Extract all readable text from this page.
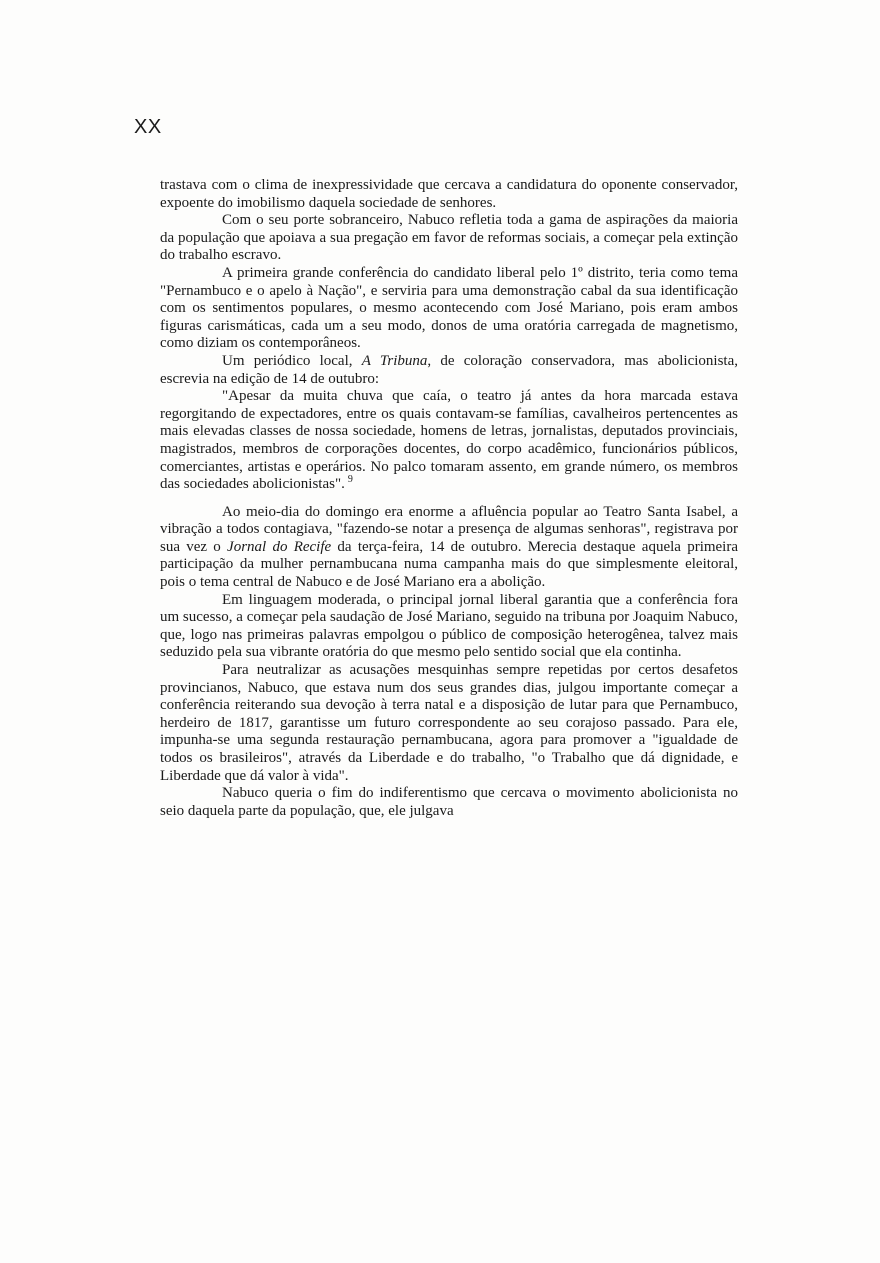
XX

trastava com o clima de inexpressividade que cercava a candidatura do oponente conservador, expoente do imobilismo daquela sociedade de senhores.

Com o seu porte sobranceiro, Nabuco refletia toda a gama de aspirações da maioria da população que apoiava a sua pregação em favor de reformas sociais, a começar pela extinção do trabalho escravo.

A primeira grande conferência do candidato liberal pelo 1º distrito, teria como tema "Pernambuco e o apelo à Nação", e serviria para uma demonstração cabal da sua identificação com os sentimentos populares, o mesmo acontecendo com José Mariano, pois eram ambos figuras carismáticas, cada um a seu modo, donos de uma oratória carregada de magnetismo, como diziam os contemporâneos.

Um periódico local, A Tribuna, de coloração conservadora, mas abolicionista, escrevia na edição de 14 de outubro:

"Apesar da muita chuva que caía, o teatro já antes da hora marcada estava regorgitando de expectadores, entre os quais contavam-se famílias, cavalheiros pertencentes as mais elevadas classes de nossa sociedade, homens de letras, jornalistas, deputados provinciais, magistrados, membros de corporações docentes, do corpo acadêmico, funcionários públicos, comerciantes, artistas e operários. No palco tomaram assento, em grande número, os membros das sociedades abolicionistas". $^9$

Ao meio-dia do domingo era enorme a afluência popular ao Teatro Santa Isabel, a vibração a todos contagiava, "fazendo-se notar a presença de algumas senhoras", registrava por sua vez o Jornal do Recife da terça-feira, 14 de outubro. Merecia destaque aquela primeira participação da mulher pernambucana numa campanha mais do que simplesmente eleitoral, pois o tema central de Nabuco e de José Mariano era a abolição.

Em linguagem moderada, o principal jornal liberal garantia que a conferência fora um sucesso, a começar pela saudação de José Mariano, seguido na tribuna por Joaquim Nabuco, que, logo nas primeiras palavras empolgou o público de composição heterogênea, talvez mais seduzido pela sua vibrante oratória do que mesmo pelo sentido social que ela continha.

Para neutralizar as acusações mesquinhas sempre repetidas por certos desafetos provincianos, Nabuco, que estava num dos seus grandes dias, julgou importante começar a conferência reiterando sua devoção à terra natal e a disposição de lutar para que Pernambuco, herdeiro de 1817, garantisse um futuro correspondente ao seu corajoso passado. Para ele, impunha-se uma segunda restauração pernambucana, agora para promover a "igualdade de todos os brasileiros", através da Liberdade e do trabalho, "o Trabalho que dá dignidade, e Liberdade que dá valor à vida".

Nabuco queria o fim do indiferentismo que cercava o movimento abolicionista no seio daquela parte da população, que, ele julgava
